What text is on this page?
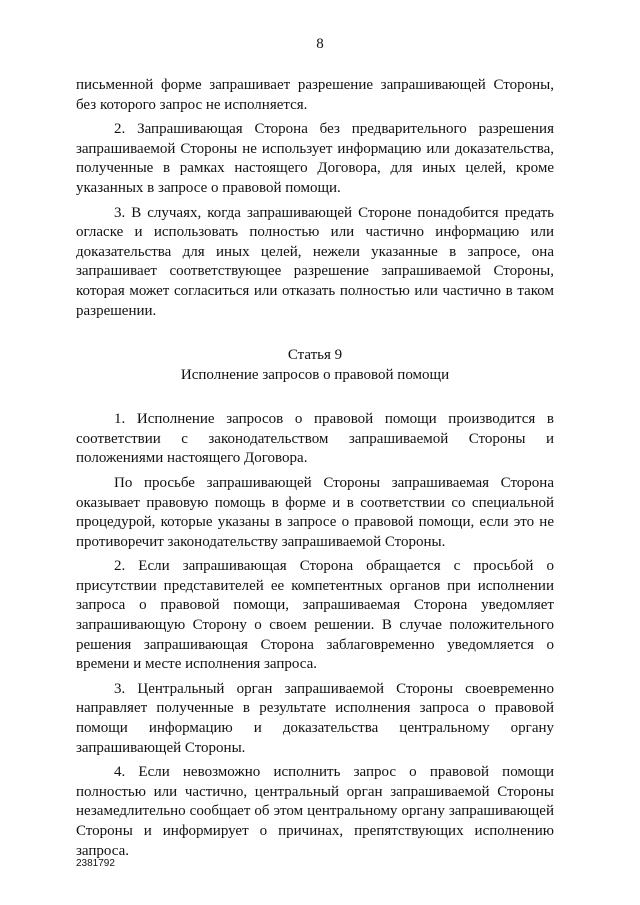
8

письменной форме запрашивает разрешение запрашивающей Стороны, без которого запрос не исполняется.

2. Запрашивающая Сторона без предварительного разрешения запрашиваемой Стороны не использует информацию или доказательства, полученные в рамках настоящего Договора, для иных целей, кроме указанных в запросе о правовой помощи.

3. В случаях, когда запрашивающей Стороне понадобится предать огласке и использовать полностью или частично информацию или доказательства для иных целей, нежели указанные в запросе, она запрашивает соответствующее разрешение запрашиваемой Стороны, которая может согласиться или отказать полностью или частично в таком разрешении.

Статья 9

Исполнение запросов о правовой помощи

1. Исполнение запросов о правовой помощи производится в соответствии с законодательством запрашиваемой Стороны и положениями настоящего Договора.

По просьбе запрашивающей Стороны запрашиваемая Сторона оказывает правовую помощь в форме и в соответствии со специальной процедурой, которые указаны в запросе о правовой помощи, если это не противоречит законодательству запрашиваемой Стороны.

2. Если запрашивающая Сторона обращается с просьбой о присутствии представителей ее компетентных органов при исполнении запроса о правовой помощи, запрашиваемая Сторона уведомляет запрашивающую Сторону о своем решении. В случае положительного решения запрашивающая Сторона заблаговременно уведомляется о времени и месте исполнения запроса.

3. Центральный орган запрашиваемой Стороны своевременно направляет полученные в результате исполнения запроса о правовой помощи информацию и доказательства центральному органу запрашивающей Стороны.

4. Если невозможно исполнить запрос о правовой помощи полностью или частично, центральный орган запрашиваемой Стороны незамедлительно сообщает об этом центральному органу запрашивающей Стороны и информирует о причинах, препятствующих исполнению запроса.

2381792
